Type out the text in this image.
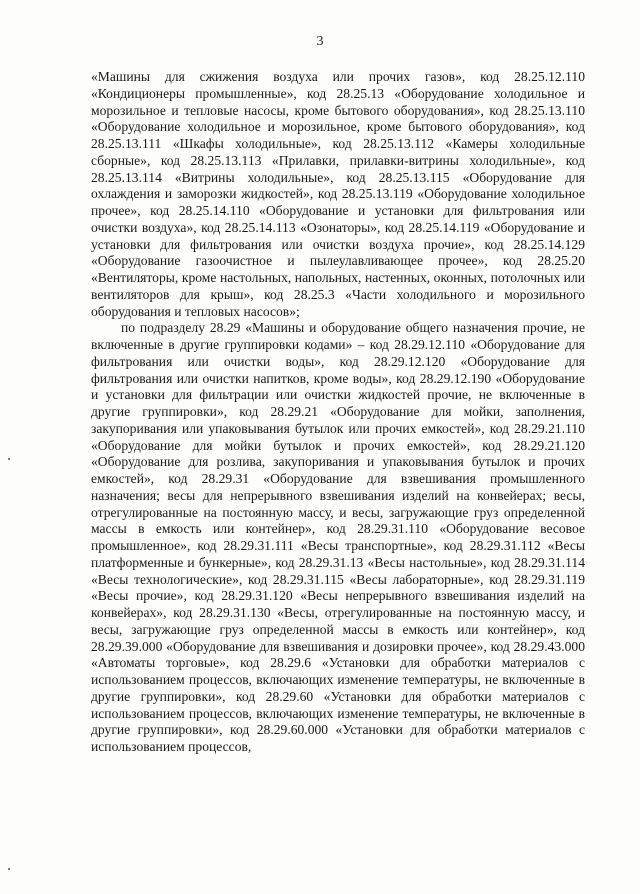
3

«Машины для сжижения воздуха или прочих газов», код 28.25.12.110 «Кондиционеры промышленные», код 28.25.13 «Оборудование холодильное и морозильное и тепловые насосы, кроме бытового оборудования», код 28.25.13.110 «Оборудование холодильное и морозильное, кроме бытового оборудования», код 28.25.13.111 «Шкафы холодильные», код 28.25.13.112 «Камеры холодильные сборные», код 28.25.13.113 «Прилавки, прилавки-витрины холодильные», код 28.25.13.114 «Витрины холодильные», код 28.25.13.115 «Оборудование для охлаждения и заморозки жидкостей», код 28.25.13.119 «Оборудование холодильное прочее», код 28.25.14.110 «Оборудование и установки для фильтрования или очистки воздуха», код 28.25.14.113 «Озонаторы», код 28.25.14.119 «Оборудование и установки для фильтрования или очистки воздуха прочие», код 28.25.14.129 «Оборудование газоочистное и пылеулавливающее прочее», код 28.25.20 «Вентиляторы, кроме настольных, напольных, настенных, оконных, потолочных или вентиляторов для крыш», код 28.25.3 «Части холодильного и морозильного оборудования и тепловых насосов»;

по подразделу 28.29 «Машины и оборудование общего назначения прочие, не включенные в другие группировки кодами» – код 28.29.12.110 «Оборудование для фильтрования или очистки воды», код 28.29.12.120 «Оборудование для фильтрования или очистки напитков, кроме воды», код 28.29.12.190 «Оборудование и установки для фильтрации или очистки жидкостей прочие, не включенные в другие группировки», код 28.29.21 «Оборудование для мойки, заполнения, закупоривания или упаковывания бутылок или прочих емкостей», код 28.29.21.110 «Оборудование для мойки бутылок и прочих емкостей», код 28.29.21.120 «Оборудование для розлива, закупоривания и упаковывания бутылок и прочих емкостей», код 28.29.31 «Оборудование для взвешивания промышленного назначения; весы для непрерывного взвешивания изделий на конвейерах; весы, отрегулированные на постоянную массу, и весы, загружающие груз определенной массы в емкость или контейнер», код 28.29.31.110 «Оборудование весовое промышленное», код 28.29.31.111 «Весы транспортные», код 28.29.31.112 «Весы платформенные и бункерные», код 28.29.31.13 «Весы настольные», код 28.29.31.114 «Весы технологические», код 28.29.31.115 «Весы лабораторные», код 28.29.31.119 «Весы прочие», код 28.29.31.120 «Весы непрерывного взвешивания изделий на конвейерах», код 28.29.31.130 «Весы, отрегулированные на постоянную массу, и весы, загружающие груз определенной массы в емкость или контейнер», код 28.29.39.000 «Оборудование для взвешивания и дозировки прочее», код 28.29.43.000 «Автоматы торговые», код 28.29.6 «Установки для обработки материалов с использованием процессов, включающих изменение температуры, не включенные в другие группировки», код 28.29.60 «Установки для обработки материалов с использованием процессов, включающих изменение температуры, не включенные в другие группировки», код 28.29.60.000 «Установки для обработки материалов с использованием процессов,
